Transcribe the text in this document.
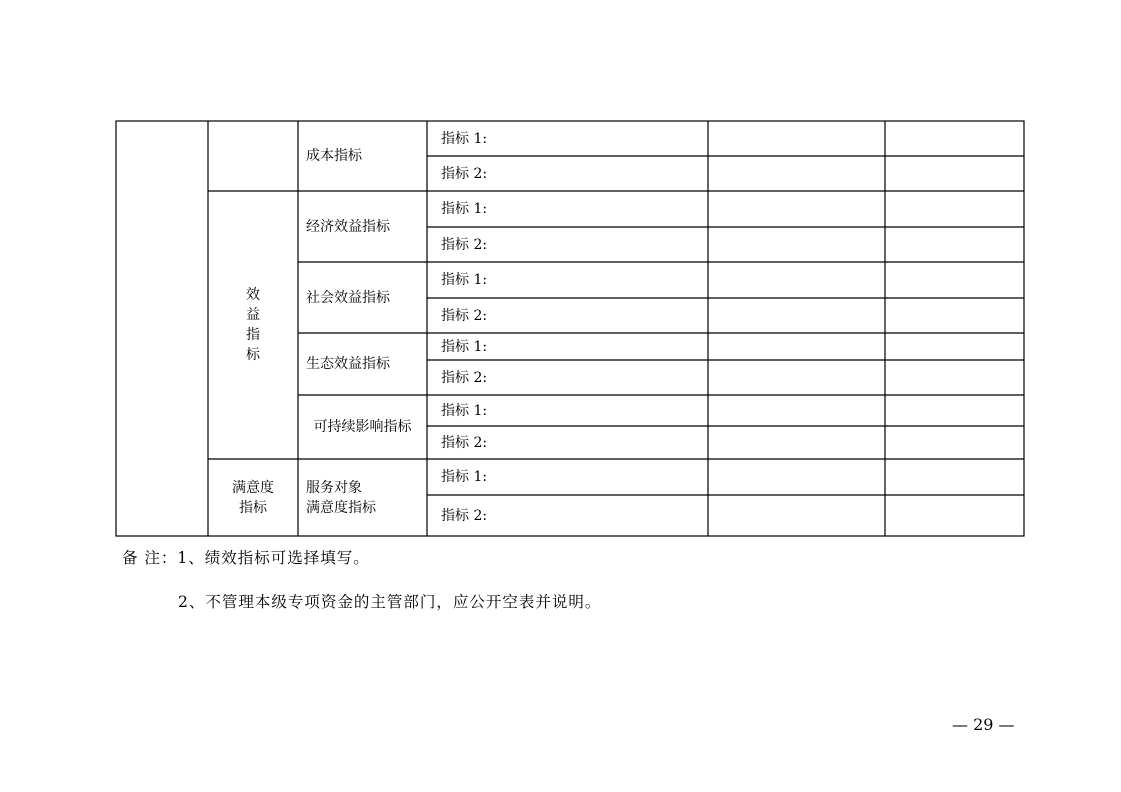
效
益
指
标
满意度
指标
成本指标
经济效益指标
社会效益指标
生态效益指标
可持续影响指标
服务对象
满意度指标
指标 1:
指标 2:
指标 1:
指标 2:
指标 1:
指标 2:
指标 1:
指标 2:
指标 1:
指标 2:
指标 1:
指标 2:
备 注：1、绩效指标可选择填写。
2、不管理本级专项资金的主管部门，应公开空表并说明。
— 29 —
